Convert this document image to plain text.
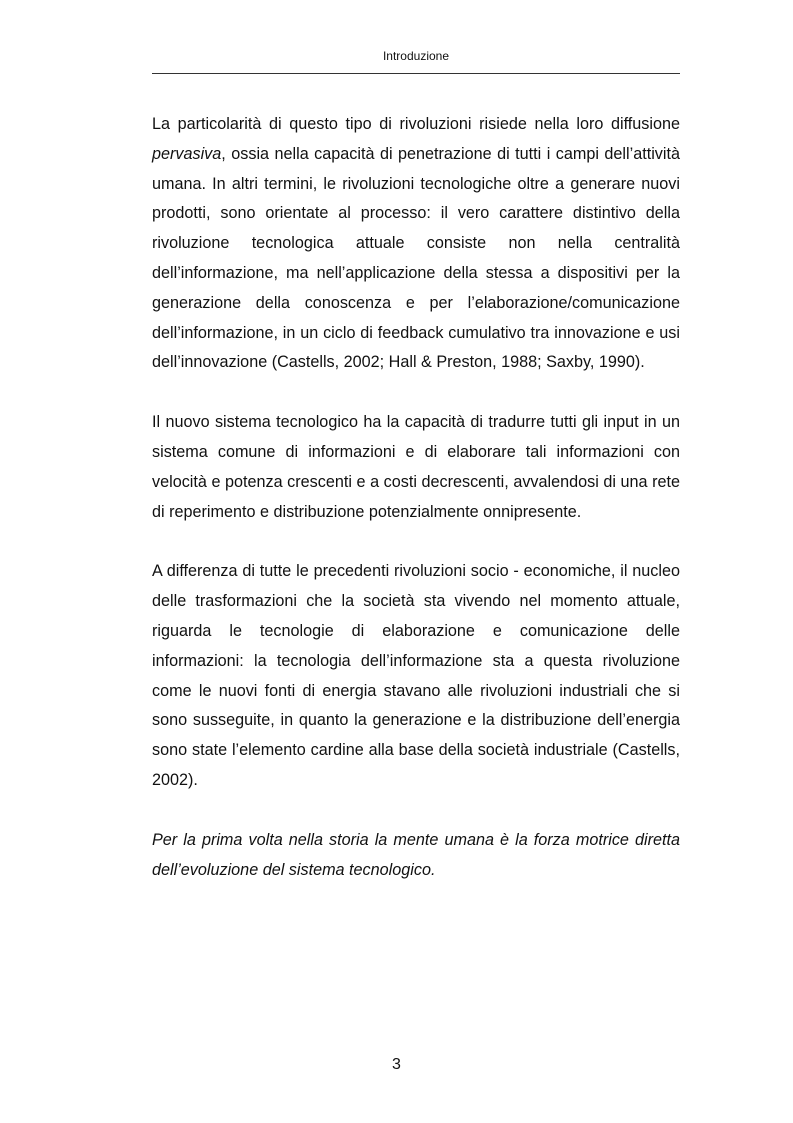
Introduzione

La particolarità di questo tipo di rivoluzioni risiede nella loro diffusione pervasiva, ossia nella capacità di penetrazione di tutti i campi dell’attività umana. In altri termini, le rivoluzioni tecnologiche oltre a generare nuovi prodotti, sono orientate al processo: il vero carattere distintivo della rivoluzione tecnologica attuale consiste non nella centralità dell’informazione, ma nell’applicazione della stessa a dispositivi per la generazione della conoscenza e per l’elaborazione/comunicazione dell’informazione, in un ciclo di feedback cumulativo tra innovazione e usi dell’innovazione (Castells, 2002; Hall & Preston, 1988; Saxby, 1990).

Il nuovo sistema tecnologico ha la capacità di tradurre tutti gli input in un sistema comune di informazioni e di elaborare tali informazioni con velocità e potenza crescenti e a costi decrescenti, avvalendosi di una rete di reperimento e distribuzione potenzialmente onnipresente.

A differenza di tutte le precedenti rivoluzioni socio - economiche, il nucleo delle trasformazioni che la società sta vivendo nel momento attuale, riguarda le tecnologie di elaborazione e comunicazione delle informazioni: la tecnologia dell’informazione sta a questa rivoluzione come le nuovi fonti di energia stavano alle rivoluzioni industriali che si sono susseguite, in quanto la generazione e la distribuzione dell’energia sono state l’elemento cardine alla base della società industriale (Castells, 2002).

Per la prima volta nella storia la mente umana è la forza motrice diretta dell’evoluzione del sistema tecnologico.

3
